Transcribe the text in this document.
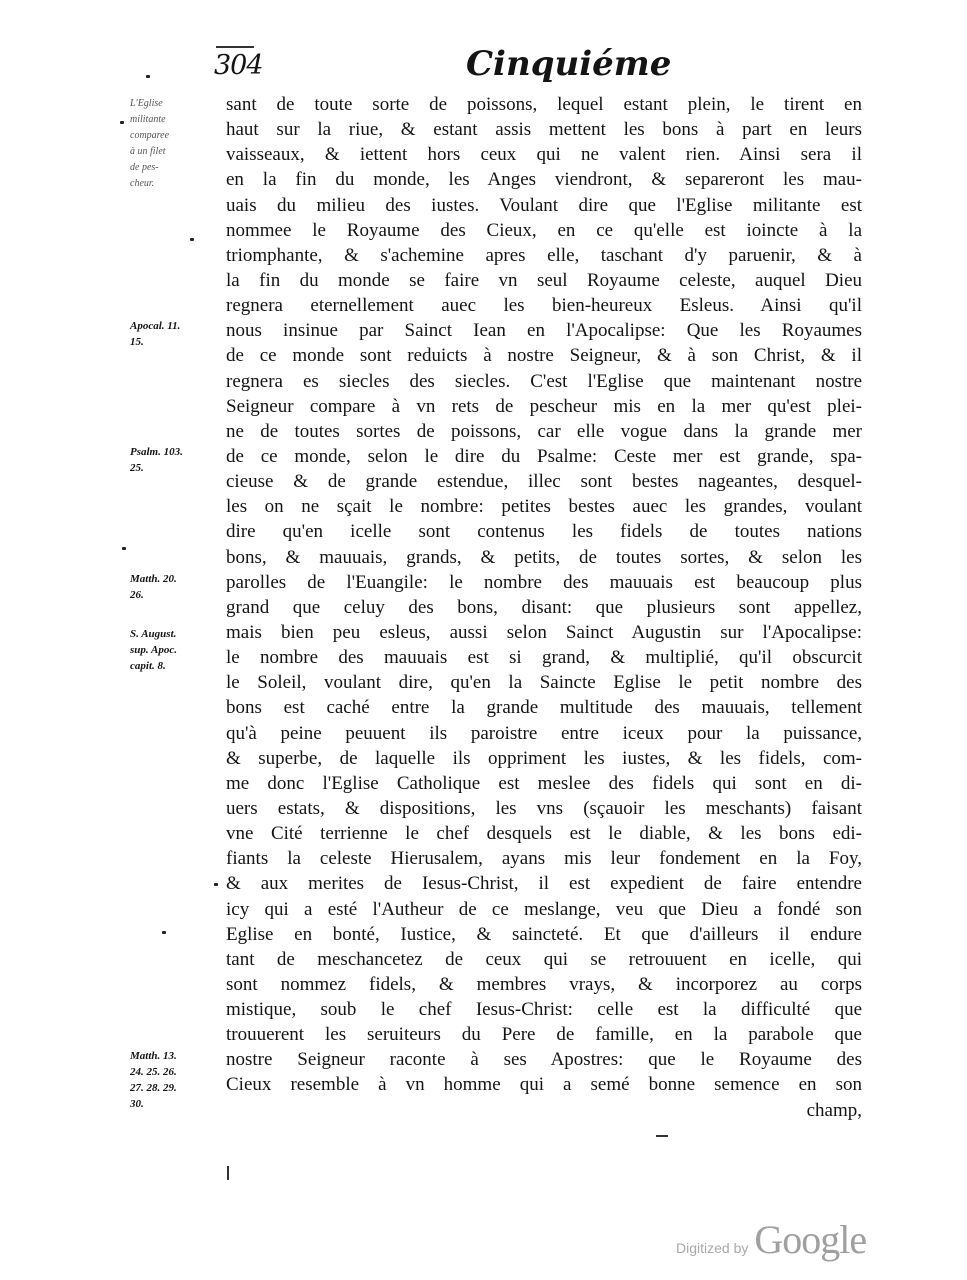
304	Cinquiéme
L'Eglise
militante
comparee
à un filet
de pes-
cheur.
Apocal. 11.
15.
Psalm. 103.
25.
Matth. 20.
26.
S. August.
sup. Apoc.
capit. 8.
Matth. 13.
24. 25. 26.
27. 28. 29.
30.
sant de toute sorte de poissons, lequel estant plein, le tirent en
haut sur la riue, & estant assis mettent les bons à part en leurs
vaisseaux, & iettent hors ceux qui ne valent rien. Ainsi sera il
en la fin du monde, les Anges viendront, & separeront les mau-
uais du milieu des iustes. Voulant dire que l'Eglise militante est
nommee le Royaume des Cieux, en ce qu'elle est ioincte à la
triomphante, & s'achemine apres elle, taschant d'y paruenir, & à
la fin du monde se faire vn seul Royaume celeste, auquel Dieu
regnera eternellement auec les bien-heureux Esleus. Ainsi qu'il
nous insinue par Sainct Iean en l'Apocalipse: Que les Royaumes
de ce monde sont reduicts à nostre Seigneur, & à son Christ, & il
regnera es siecles des siecles. C'est l'Eglise que maintenant nostre
Seigneur compare à vn rets de pescheur mis en la mer qu'est plei-
ne de toutes sortes de poissons, car elle vogue dans la grande mer
de ce monde, selon le dire du Psalme: Ceste mer est grande, spa-
cieuse & de grande estendue, illec sont bestes nageantes, desquel-
les on ne sçait le nombre: petites bestes auec les grandes, voulant
dire qu'en icelle sont contenus les fidels de toutes nations
bons, & mauuais, grands, & petits, de toutes sortes, & selon les
parolles de l'Euangile: le nombre des mauuais est beaucoup plus
grand que celuy des bons, disant: que plusieurs sont appellez,
mais bien peu esleus, aussi selon Sainct Augustin sur l'Apocalipse:
le nombre des mauuais est si grand, & multiplié, qu'il obscurcit
le Soleil, voulant dire, qu'en la Saincte Eglise le petit nombre des
bons est caché entre la grande multitude des mauuais, tellement
qu'à peine peuuent ils paroistre entre iceux pour la puissance,
& superbe, de laquelle ils oppriment les iustes, & les fidels, com-
me donc l'Eglise Catholique est meslee des fidels qui sont en di-
uers estats, & dispositions, les vns (sçauoir les meschants) faisant
vne Cité terrienne le chef desquels est le diable, & les bons edi-
fiants la celeste Hierusalem, ayans mis leur fondement en la Foy,
& aux merites de Iesus-Christ, il est expedient de faire entendre
icy qui a esté l'Autheur de ce meslange, veu que Dieu a fondé son
Eglise en bonté, Iustice, & saincteté. Et que d'ailleurs il endure
tant de meschancetez de ceux qui se retrouuent en icelle, qui
sont nommez fidels, & membres vrays, & incorporez au corps
mistique, soub le chef Iesus-Christ: celle est la difficulté que
trouuerent les seruiteurs du Pere de famille, en la parabole que
nostre Seigneur raconte à ses Apostres: que le Royaume des
Cieux resemble à vn homme qui a semé bonne semence en son
champ,
Digitized by Google
